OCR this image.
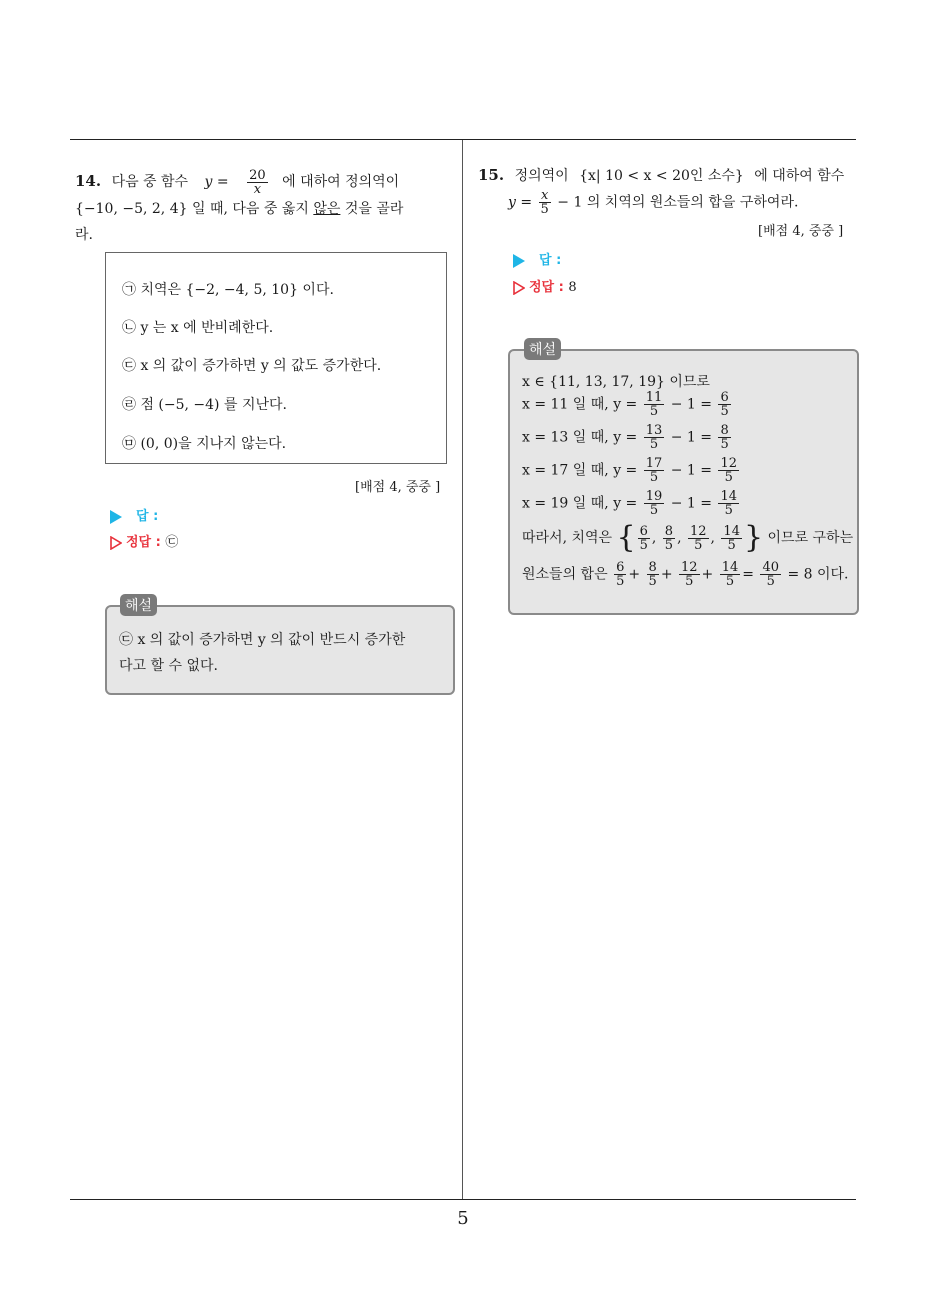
14. 다음 중 함수 $y = \frac{20}{x}$ 에 대하여 정의역이
{−10, −5, 2, 4} 일 때, 다음 중 옳지 않은 것을 골라
라.
㉠ 치역은 {−2, −4, 5, 10} 이다.
㉡ y 는 x 에 반비례한다.
㉢ x 의 값이 증가하면 y 의 값도 증가한다.
㉣ 점 (−5, −4) 를 지난다.
㉤ (0, 0)을 지나지 않는다.
[배점 4, 중중 ]
답 :
정답 : ㉢
㉢ x 의 값이 증가하면 y 의 값이 반드시 증가한
다고 할 수 없다.
해설
15. 정의역이 {x| 10 < x < 20인 소수} 에 대하여 함수
$y = \frac{x}{5} - 1$ 의 치역의 원소들의 합을 구하여라.
[배점 4, 중중 ]
답 :
정답 : 8
x ∈ {11, 13, 17, 19} 이므로
x = 11 일 때, $y = \frac{11}{5} - 1 = \frac{6}{5}$
x = 13 일 때, $y = \frac{13}{5} - 1 = \frac{8}{5}$
x = 17 일 때, $y = \frac{17}{5} - 1 = \frac{12}{5}$
x = 19 일 때, $y = \frac{19}{5} - 1 = \frac{14}{5}$
따라서, 치역은 { $\frac{6}{5}$ , $\frac{8}{5}$ , $\frac{12}{5}$ , $\frac{14}{5}$ } 이므로 구하는
원소들의 합은 $\frac{6}{5} + \frac{8}{5} + \frac{12}{5} + \frac{14}{5} = \frac{40}{5} = 8$ 이다.
해설
5
